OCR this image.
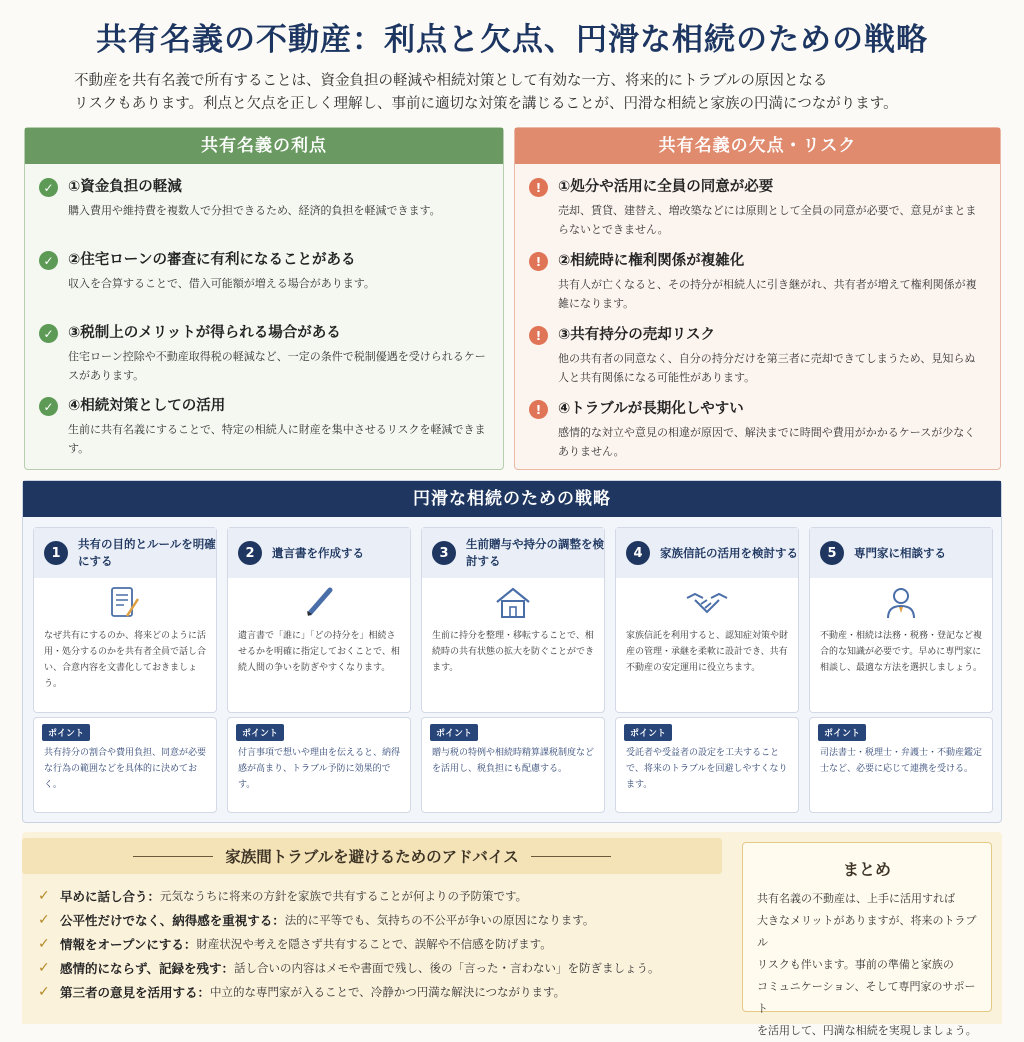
共有名義の不動産：利点と欠点、円滑な相続のための戦略

不動産を共有名義で所有することは、資金負担の軽減や相続対策として有効な一方、将来的にトラブルの原因となる

リスクもあります。利点と欠点を正しく理解し、事前に適切な対策を講じることが、円滑な相続と家族の円満につながります。

共有名義の利点
✓ ①資金負担の軽減
購入費用や維持費を複数人で分担できるため、経済的負担を軽減できます。
✓ ②住宅ローンの審査に有利になることがある
収入を合算することで、借入可能額が増える場合があります。
✓ ③税制上のメリットが得られる場合がある
住宅ローン控除や不動産取得税の軽減など、一定の条件で税制優遇を受けられるケースがあります。
✓ ④相続対策としての活用
生前に共有名義にすることで、特定の相続人に財産を集中させるリスクを軽減できます。
共有名義の欠点・リスク
!	①処分や活用に全員の同意が必要
売却、賃貸、建替え、増改築などには原則として全員の同意が必要で、意見がまとまらないとできません。
!	②相続時に権利関係が複雑化
共有人が亡くなると、その持分が相続人に引き継がれ、共有者が増えて権利関係が複雑になります。
!	③共有持分の売却リスク
他の共有者の同意なく、自分の持分だけを第三者に売却できてしまうため、見知らぬ人と共有関係になる可能性があります。
!	④トラブルが長期化しやすい
感情的な対立や意見の相違が原因で、解決までに時間や費用がかかるケースが少なくありません。
円滑な相続のための戦略
1
共有の目的とルールを明確にする
なぜ共有にするのか、将来どのように活用・処分するのかを共有者全員で話し合い、合意内容を文書化しておきましょう。
ポイント
共有持分の割合や費用負担、同意が必要な行為の範囲などを具体的に決めておく。
2	遺言書を作成する
遺言書で「誰に」「どの持分を」相続させるかを明確に指定しておくことで、相続人間の争いを防ぎやすくなります。
ポイント
付言事項で想いや理由を伝えると、納得感が高まり、トラブル予防に効果的です。
3
生前贈与や持分の調整を検討する
生前に持分を整理・移転することで、相続時の共有状態の拡大を防ぐことができます。
ポイント
贈与税の特例や相続時精算課税制度などを活用し、税負担にも配慮する。
4	家族信託の活用を検討する
家族信託を利用すると、認知症対策や財産の管理・承継を柔軟に設計でき、共有不動産の安定運用に役立ちます。
ポイント
受託者や受益者の設定を工夫することで、将来のトラブルを回避しやすくなります。
5	専門家に相談する
不動産・相続は法務・税務・登記など複合的な知識が必要です。早めに専門家に相談し、最適な方法を選択しましょう。
ポイント
司法書士・税理士・弁護士・不動産鑑定士など、必要に応じて連携を受ける。
家族間トラブルを避けるためのアドバイス
✓ 早めに話し合う： 元気なうちに将来の方針を家族で共有することが何よりの予防策です。
✓ 公平性だけでなく、納得感を重視する： 法的に平等でも、気持ちの不公平が争いの原因になります。
✓ 情報をオープンにする： 財産状況や考えを隠さず共有することで、誤解や不信感を防げます。
✓ 感情的にならず、記録を残す： 話し合いの内容はメモや書面で残し、後の「言った・言わない」を防ぎましょう。
✓ 第三者の意見を活用する： 中立的な専門家が入ることで、冷静かつ円満な解決につながります。
まとめ
共有名義の不動産は、上手に活用すれば
大きなメリットがありますが、将来のトラブル
リスクも伴います。事前の準備と家族の
コミュニケーション、そして専門家のサポート
を活用して、円満な相続を実現しましょう。
